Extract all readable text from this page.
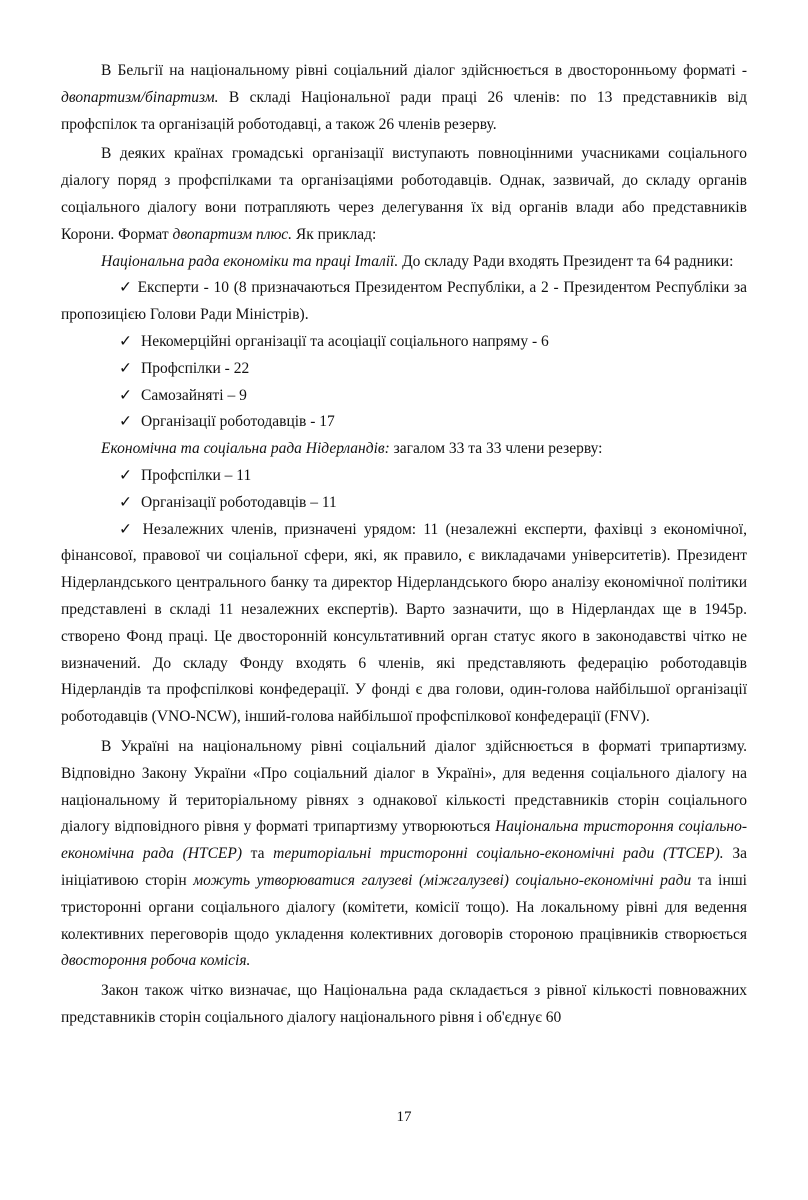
В Бельгії на національному рівні соціальний діалог здійснюється в двосторонньому форматі - двопартизм/біпартизм. В складі Національної ради праці 26 членів: по 13 представників від профспілок та організацій роботодавці, а також 26 членів резерву.

В деяких країнах громадські організації виступають повноцінними учасниками соціального діалогу поряд з профспілками та організаціями роботодавців. Однак, зазвичай, до складу органів соціального діалогу вони потрапляють через делегування їх від органів влади або представників Корони. Формат двопартизм плюс. Як приклад:

Національна рада економіки та праці Італії. До складу Ради входять Президент та 64 радники:

✓ Експерти - 10 (8 призначаються Президентом Республіки, а 2 - Президентом Республіки за пропозицією Голови Ради Міністрів).

✓ Некомерційні організації та асоціації соціального напряму - 6

✓ Профспілки - 22

✓ Самозайняті – 9

✓ Організації роботодавців - 17

Економічна та соціальна рада Нідерландів: загалом 33 та 33 члени резерву:

✓ Профспілки – 11

✓ Організації роботодавців – 11

✓ Незалежних членів, призначені урядом: 11 (незалежні експерти, фахівці з економічної, фінансової, правової чи соціальної сфери, які, як правило, є викладачами університетів). Президент Нідерландського центрального банку та директор Нідерландського бюро аналізу економічної політики представлені в складі 11 незалежних експертів). Варто зазначити, що в Нідерландах ще в 1945р. створено Фонд праці. Це двосторонній консультативний орган статус якого в законодавстві чітко не визначений. До складу Фонду входять 6 членів, які представляють федерацію роботодавців Нідерландів та профспілкові конфедерації. У фонді є два голови, один-голова найбільшої організації роботодавців (VNO-NCW), інший-голова найбільшої профспілкової конфедерації (FNV).

В Україні на національному рівні соціальний діалог здійснюється в форматі трипартизму. Відповідно Закону України «Про соціальний діалог в Україні», для ведення соціального діалогу на національному й територіальному рівнях з однакової кількості представників сторін соціального діалогу відповідного рівня у форматі трипартизму утворюються Національна тристороння соціально-економічна рада (НТСЕР) та територіальні тристоронні соціально-економічні ради (ТТСЕР). За ініціативою сторін можуть утворюватися галузеві (міжгалузеві) соціально-економічні ради та інші тристоронні органи соціального діалогу (комітети, комісії тощо). На локальному рівні для ведення колективних переговорів щодо укладення колективних договорів стороною працівників створюється двостороння робоча комісія.

Закон також чітко визначає, що Національна рада складається з рівної кількості повноважних представників сторін соціального діалогу національного рівня і об'єднує 60

17
